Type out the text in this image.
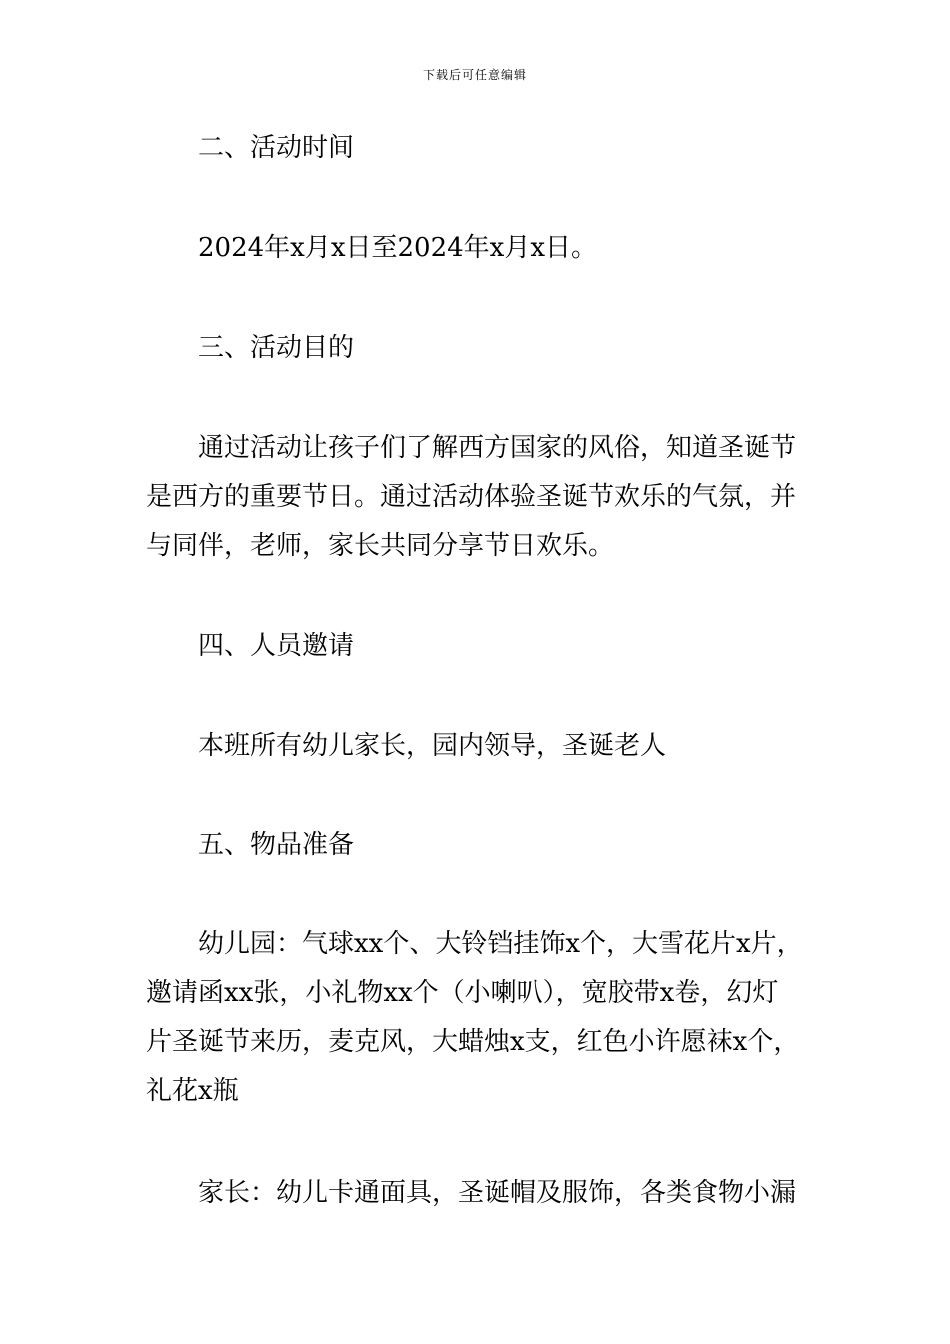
下载后可任意编辑
二、活动时间
2024年x月x日至2024年x月x日。
三、活动目的
通过活动让孩子们了解西方国家的风俗，知道圣诞节
是西方的重要节日。通过活动体验圣诞节欢乐的气氛，并
与同伴，老师，家长共同分享节日欢乐。
四、人员邀请
本班所有幼儿家长，园内领导，圣诞老人
五、物品准备
幼儿园：气球xx个、大铃铛挂饰x个，大雪花片x片，
邀请函xx张，小礼物xx个（小喇叭），宽胶带x卷，幻灯
片圣诞节来历，麦克风，大蜡烛x支，红色小许愿袜x个，
礼花x瓶
家长：幼儿卡通面具，圣诞帽及服饰，各类食物小漏
